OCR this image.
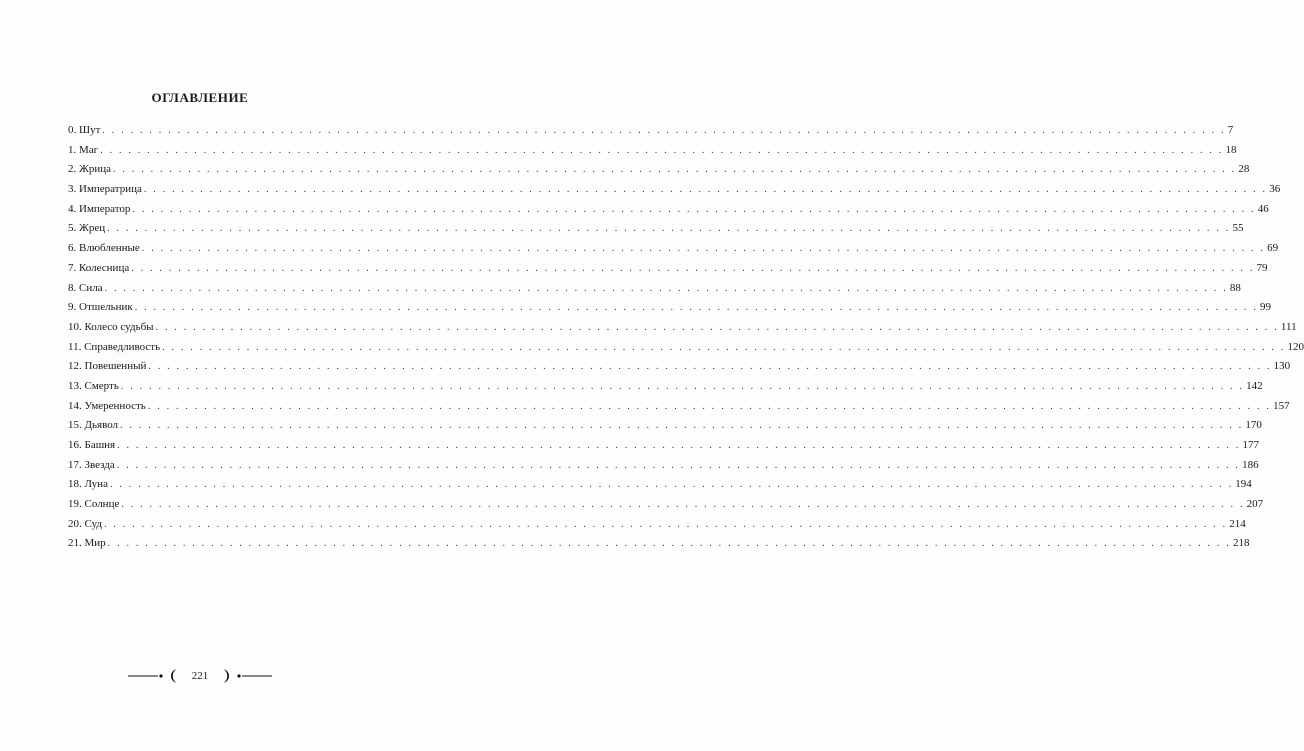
ОГЛАВЛЕНИЕ
0. Шут . . . . . . . . . . . . . . . . . . . . . . . . . . . . . . . . . . . . . . . . . . . . . . . . . . . . . . . . . . . . . . . . . . . . . . . . . . . . . . . . . . . . . . . . . . . . . . . . . . . . . . . . . . . . . . . . . . . . . . . . 7
1. Маг . . . . . . . . . . . . . . . . . . . . . . . . . . . . . . . . . . . . . . . . . . . . . . . . . . . . . . . . . . . . . . . . . . . . . . . . . . . . . . . . . . . . . . . . . . . . . . . . . . . . . . . . . . . . . . . . . . . . . . . . 18
2. Жрица . . . . . . . . . . . . . . . . . . . . . . . . . . . . . . . . . . . . . . . . . . . . . . . . . . . . . . . . . . . . . . . . . . . . . . . . . . . . . . . . . . . . . . . . . . . . . . . . . . . . . . . . . . . . . . . . . . . . . . . . 28
3. Императрица . . . . . . . . . . . . . . . . . . . . . . . . . . . . . . . . . . . . . . . . . . . . . . . . . . . . . . . . . . . . . . . . . . . . . . . . . . . . . . . . . . . . . . . . . . . . . . . . . . . . . . . . . . . . . . . . . . . . . . . . 36
4. Император . . . . . . . . . . . . . . . . . . . . . . . . . . . . . . . . . . . . . . . . . . . . . . . . . . . . . . . . . . . . . . . . . . . . . . . . . . . . . . . . . . . . . . . . . . . . . . . . . . . . . . . . . . . . . . . . . . . . . . . . 46
5. Жрец . . . . . . . . . . . . . . . . . . . . . . . . . . . . . . . . . . . . . . . . . . . . . . . . . . . . . . . . . . . . . . . . . . . . . . . . . . . . . . . . . . . . . . . . . . . . . . . . . . . . . . . . . . . . . . . . . . . . . . . . 55
6. Влюбленные . . . . . . . . . . . . . . . . . . . . . . . . . . . . . . . . . . . . . . . . . . . . . . . . . . . . . . . . . . . . . . . . . . . . . . . . . . . . . . . . . . . . . . . . . . . . . . . . . . . . . . . . . . . . . . . . . . . . . . . . 69
7. Колесница . . . . . . . . . . . . . . . . . . . . . . . . . . . . . . . . . . . . . . . . . . . . . . . . . . . . . . . . . . . . . . . . . . . . . . . . . . . . . . . . . . . . . . . . . . . . . . . . . . . . . . . . . . . . . . . . . . . . . . . . 79
8. Сила . . . . . . . . . . . . . . . . . . . . . . . . . . . . . . . . . . . . . . . . . . . . . . . . . . . . . . . . . . . . . . . . . . . . . . . . . . . . . . . . . . . . . . . . . . . . . . . . . . . . . . . . . . . . . . . . . . . . . . . . 88
9. Отшельник . . . . . . . . . . . . . . . . . . . . . . . . . . . . . . . . . . . . . . . . . . . . . . . . . . . . . . . . . . . . . . . . . . . . . . . . . . . . . . . . . . . . . . . . . . . . . . . . . . . . . . . . . . . . . . . . . . . . . . . . 99
10. Колесо судьбы . . . . . . . . . . . . . . . . . . . . . . . . . . . . . . . . . . . . . . . . . . . . . . . . . . . . . . . . . . . . . . . . . . . . . . . . . . . . . . . . . . . . . . . . . . . . . . . . . . . . . . . . . . . . . . . . . . . . . . . . 111
11. Справедливость . . . . . . . . . . . . . . . . . . . . . . . . . . . . . . . . . . . . . . . . . . . . . . . . . . . . . . . . . . . . . . . . . . . . . . . . . . . . . . . . . . . . . . . . . . . . . . . . . . . . . . . . . . . . . . . . . . . . . . . . 120
12. Повешенный . . . . . . . . . . . . . . . . . . . . . . . . . . . . . . . . . . . . . . . . . . . . . . . . . . . . . . . . . . . . . . . . . . . . . . . . . . . . . . . . . . . . . . . . . . . . . . . . . . . . . . . . . . . . . . . . . . . . . . . . 130
13. Смерть . . . . . . . . . . . . . . . . . . . . . . . . . . . . . . . . . . . . . . . . . . . . . . . . . . . . . . . . . . . . . . . . . . . . . . . . . . . . . . . . . . . . . . . . . . . . . . . . . . . . . . . . . . . . . . . . . . . . . . . . 142
14. Умеренность . . . . . . . . . . . . . . . . . . . . . . . . . . . . . . . . . . . . . . . . . . . . . . . . . . . . . . . . . . . . . . . . . . . . . . . . . . . . . . . . . . . . . . . . . . . . . . . . . . . . . . . . . . . . . . . . . . . . . . . . 157
15. Дьявол . . . . . . . . . . . . . . . . . . . . . . . . . . . . . . . . . . . . . . . . . . . . . . . . . . . . . . . . . . . . . . . . . . . . . . . . . . . . . . . . . . . . . . . . . . . . . . . . . . . . . . . . . . . . . . . . . . . . . . . . 170
16. Башня . . . . . . . . . . . . . . . . . . . . . . . . . . . . . . . . . . . . . . . . . . . . . . . . . . . . . . . . . . . . . . . . . . . . . . . . . . . . . . . . . . . . . . . . . . . . . . . . . . . . . . . . . . . . . . . . . . . . . . . . 177
17. Звезда . . . . . . . . . . . . . . . . . . . . . . . . . . . . . . . . . . . . . . . . . . . . . . . . . . . . . . . . . . . . . . . . . . . . . . . . . . . . . . . . . . . . . . . . . . . . . . . . . . . . . . . . . . . . . . . . . . . . . . . . 186
18. Луна . . . . . . . . . . . . . . . . . . . . . . . . . . . . . . . . . . . . . . . . . . . . . . . . . . . . . . . . . . . . . . . . . . . . . . . . . . . . . . . . . . . . . . . . . . . . . . . . . . . . . . . . . . . . . . . . . . . . . . . . 194
19. Солнце . . . . . . . . . . . . . . . . . . . . . . . . . . . . . . . . . . . . . . . . . . . . . . . . . . . . . . . . . . . . . . . . . . . . . . . . . . . . . . . . . . . . . . . . . . . . . . . . . . . . . . . . . . . . . . . . . . . . . . . . 207
20. Суд . . . . . . . . . . . . . . . . . . . . . . . . . . . . . . . . . . . . . . . . . . . . . . . . . . . . . . . . . . . . . . . . . . . . . . . . . . . . . . . . . . . . . . . . . . . . . . . . . . . . . . . . . . . . . . . . . . . . . . . . 214
21. Мир . . . . . . . . . . . . . . . . . . . . . . . . . . . . . . . . . . . . . . . . . . . . . . . . . . . . . . . . . . . . . . . . . . . . . . . . . . . . . . . . . . . . . . . . . . . . . . . . . . . . . . . . . . . . . . . . . . . . . . . . 218
221
